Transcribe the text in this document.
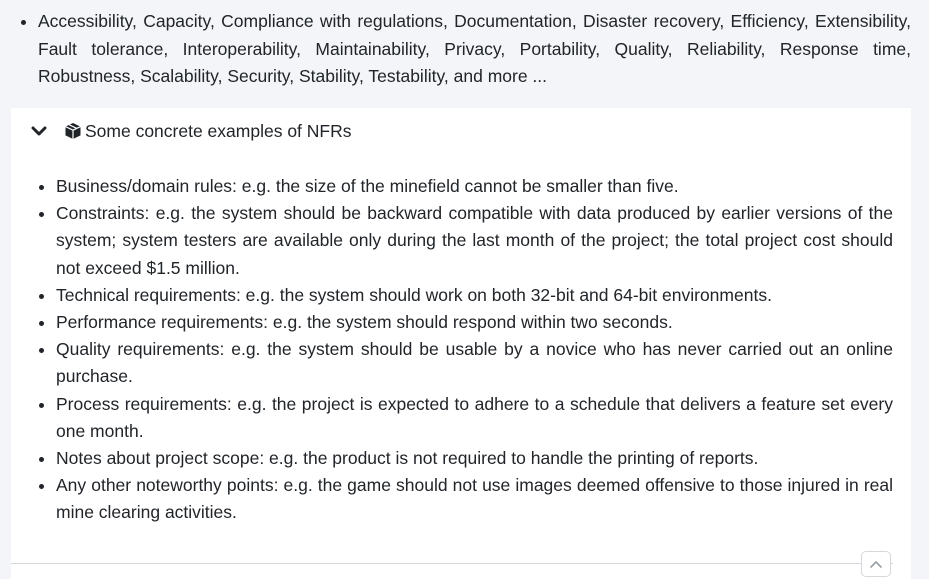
• Accessibility, Capacity, Compliance with regulations, Documentation, Disaster recovery, Efficiency, Extensibility, Fault tolerance, Interoperability, Maintainability, Privacy, Portability, Quality, Reliability, Response time, Robustness, Scalability, Security, Stability, Testability, and more ...
Some concrete examples of NFRs
• Business/domain rules: e.g. the size of the minefield cannot be smaller than five.
• Constraints: e.g. the system should be backward compatible with data produced by earlier versions of the system; system testers are available only during the last month of the project; the total project cost should not exceed $1.5 million.
• Technical requirements: e.g. the system should work on both 32-bit and 64-bit environments.
• Performance requirements: e.g. the system should respond within two seconds.
• Quality requirements: e.g. the system should be usable by a novice who has never carried out an online purchase.
• Process requirements: e.g. the project is expected to adhere to a schedule that delivers a feature set every one month.
• Notes about project scope: e.g. the product is not required to handle the printing of reports.
• Any other noteworthy points: e.g. the game should not use images deemed offensive to those injured in real mine clearing activities.
